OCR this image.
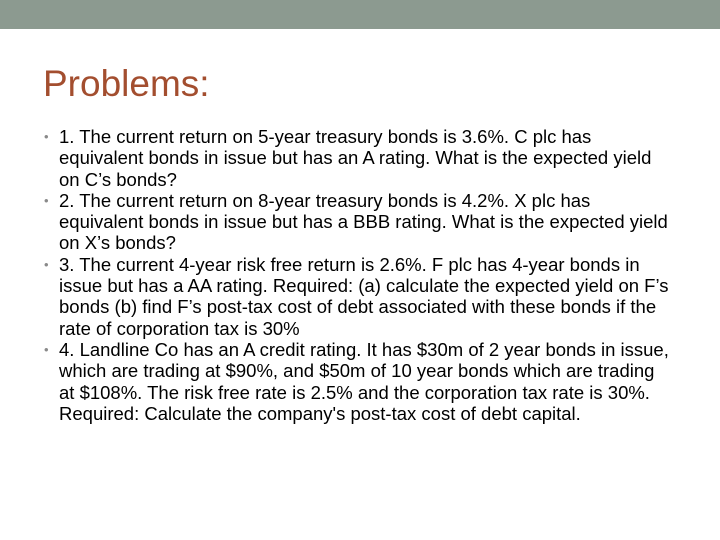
Problems:
• 1. The current return on 5-year treasury bonds is 3.6%. C plc has equivalent bonds in issue but has an A rating. What is the expected yield on C’s bonds?
• 2. The current return on 8-year treasury bonds is 4.2%. X plc has equivalent bonds in issue but has a BBB rating. What is the expected yield on X’s bonds?
• 3. The current 4-year risk free return is 2.6%. F plc has 4-year bonds in issue but has a AA rating. Required: (a) calculate the expected yield on F’s bonds (b) find F’s post-tax cost of debt associated with these bonds if the rate of corporation tax is 30%
• 4. Landline Co has an A credit rating. It has $30m of 2 year bonds in issue, which are trading at $90%, and $50m of 10 year bonds which are trading at $108%. The risk free rate is 2.5% and the corporation tax rate is 30%. Required: Calculate the company's post-tax cost of debt capital.
